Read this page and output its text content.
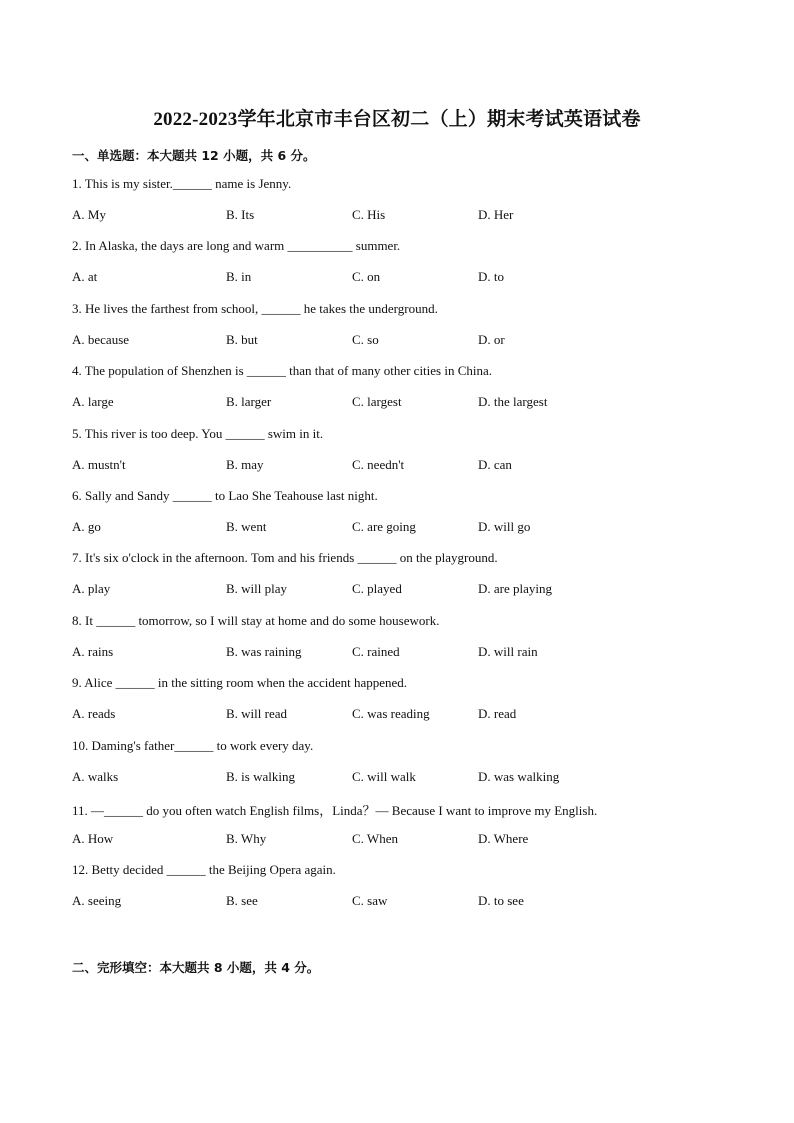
2022-2023学年北京市丰台区初二（上）期末考试英语试卷
一、单选题：本大题共 12 小题，共 6 分。
1. This is my sister.______ name is Jenny.
A. My	B. Its	C. His	D. Her
2. In Alaska, the days are long and warm __________ summer.
A. at	B. in	C. on	D. to
3. He lives the farthest from school, ______ he takes the underground.
A. because	B. but	C. so	D. or
4. The population of Shenzhen is ______ than that of many other cities in China.
A. large	B. larger	C. largest	D. the largest
5. This river is too deep. You ______ swim in it.
A. mustn't	B. may	C. needn't	D. can
6. Sally and Sandy ______ to Lao She Teahouse last night.
A. go	B. went	C. are going	D. will go
7. It's six o'clock in the afternoon. Tom and his friends ______ on the playground.
A. play	B. will play	C. played	D. are playing
8. It ______ tomorrow, so I will stay at home and do some housework.
A. rains	B. was raining	C. rained	D. will rain
9. Alice ______ in the sitting room when the accident happened.
A. reads	B. will read	C. was reading	D. read
10. Daming's father______ to work every day.
A. walks	B. is walking	C. will walk	D. was walking
11. —______ do you often watch English films，Linda？— Because I want to improve my English.
A. How	B. Why	C. When	D. Where
12. Betty decided ______ the Beijing Opera again.
A. seeing	B. see	C. saw	D. to see
二、完形填空：本大题共 8 小题，共 4 分。
